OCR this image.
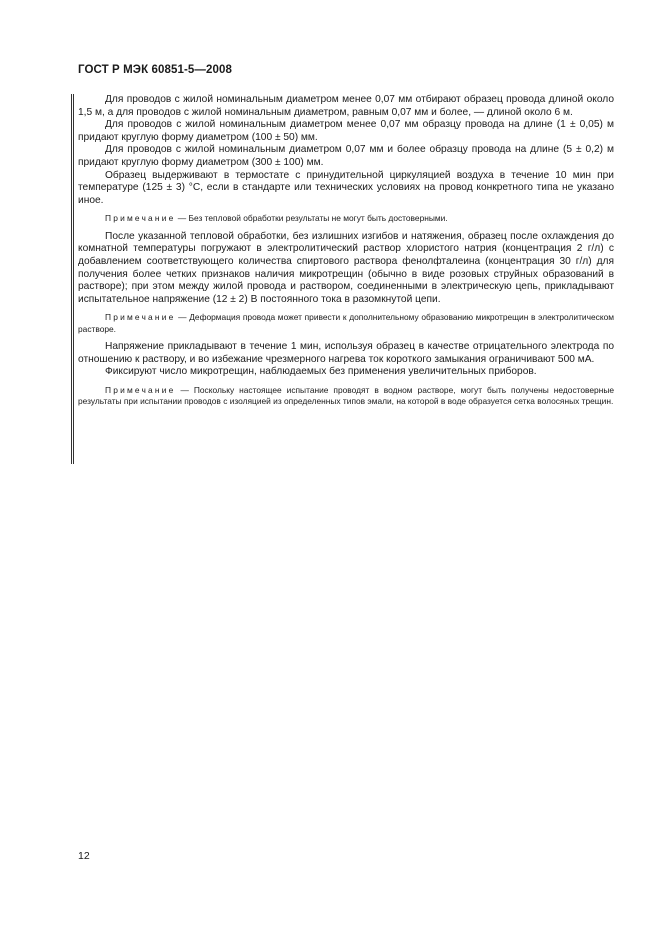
ГОСТ Р МЭК 60851-5—2008

Для проводов с жилой номинальным диаметром менее 0,07 мм отбирают образец провода длиной около 1,5 м, а для проводов с жилой номинальным диаметром, равным 0,07 мм и более, — длиной около 6 м.

Для проводов с жилой номинальным диаметром менее 0,07 мм образцу провода на длине (1 ± 0,05) м придают круглую форму диаметром (100 ± 50) мм.

Для проводов с жилой номинальным диаметром 0,07 мм и более образцу провода на длине (5 ± 0,2) м придают круглую форму диаметром (300 ± 100) мм.

Образец выдерживают в термостате с принудительной циркуляцией воздуха в течение 10 мин при температуре (125 ± 3) °С, если в стандарте или технических условиях на провод конкретного типа не указано иное.

Примечание — Без тепловой обработки результаты не могут быть достоверными.

После указанной тепловой обработки, без излишних изгибов и натяжения, образец после охлаждения до комнатной температуры погружают в электролитический раствор хлористого натрия (концентрация 2 г/л) с добавлением соответствующего количества спиртового раствора фенолфталеина (концентрация 30 г/л) для получения более четких признаков наличия микротрещин (обычно в виде розовых струйных образований в растворе); при этом между жилой провода и раствором, соединенными в электрическую цепь, прикладывают испытательное напряжение (12 ± 2) В постоянного тока в разомкнутой цепи.

Примечание — Деформация провода может привести к дополнительному образованию микротрещин в электролитическом растворе.

Напряжение прикладывают в течение 1 мин, используя образец в качестве отрицательного электрода по отношению к раствору, и во избежание чрезмерного нагрева ток короткого замыкания ограничивают 500 мА.

Фиксируют число микротрещин, наблюдаемых без применения увеличительных приборов.

Примечание — Поскольку настоящее испытание проводят в водном растворе, могут быть получены недостоверные результаты при испытании проводов с изоляцией из определенных типов эмали, на которой в воде образуется сетка волосяных трещин.

12
